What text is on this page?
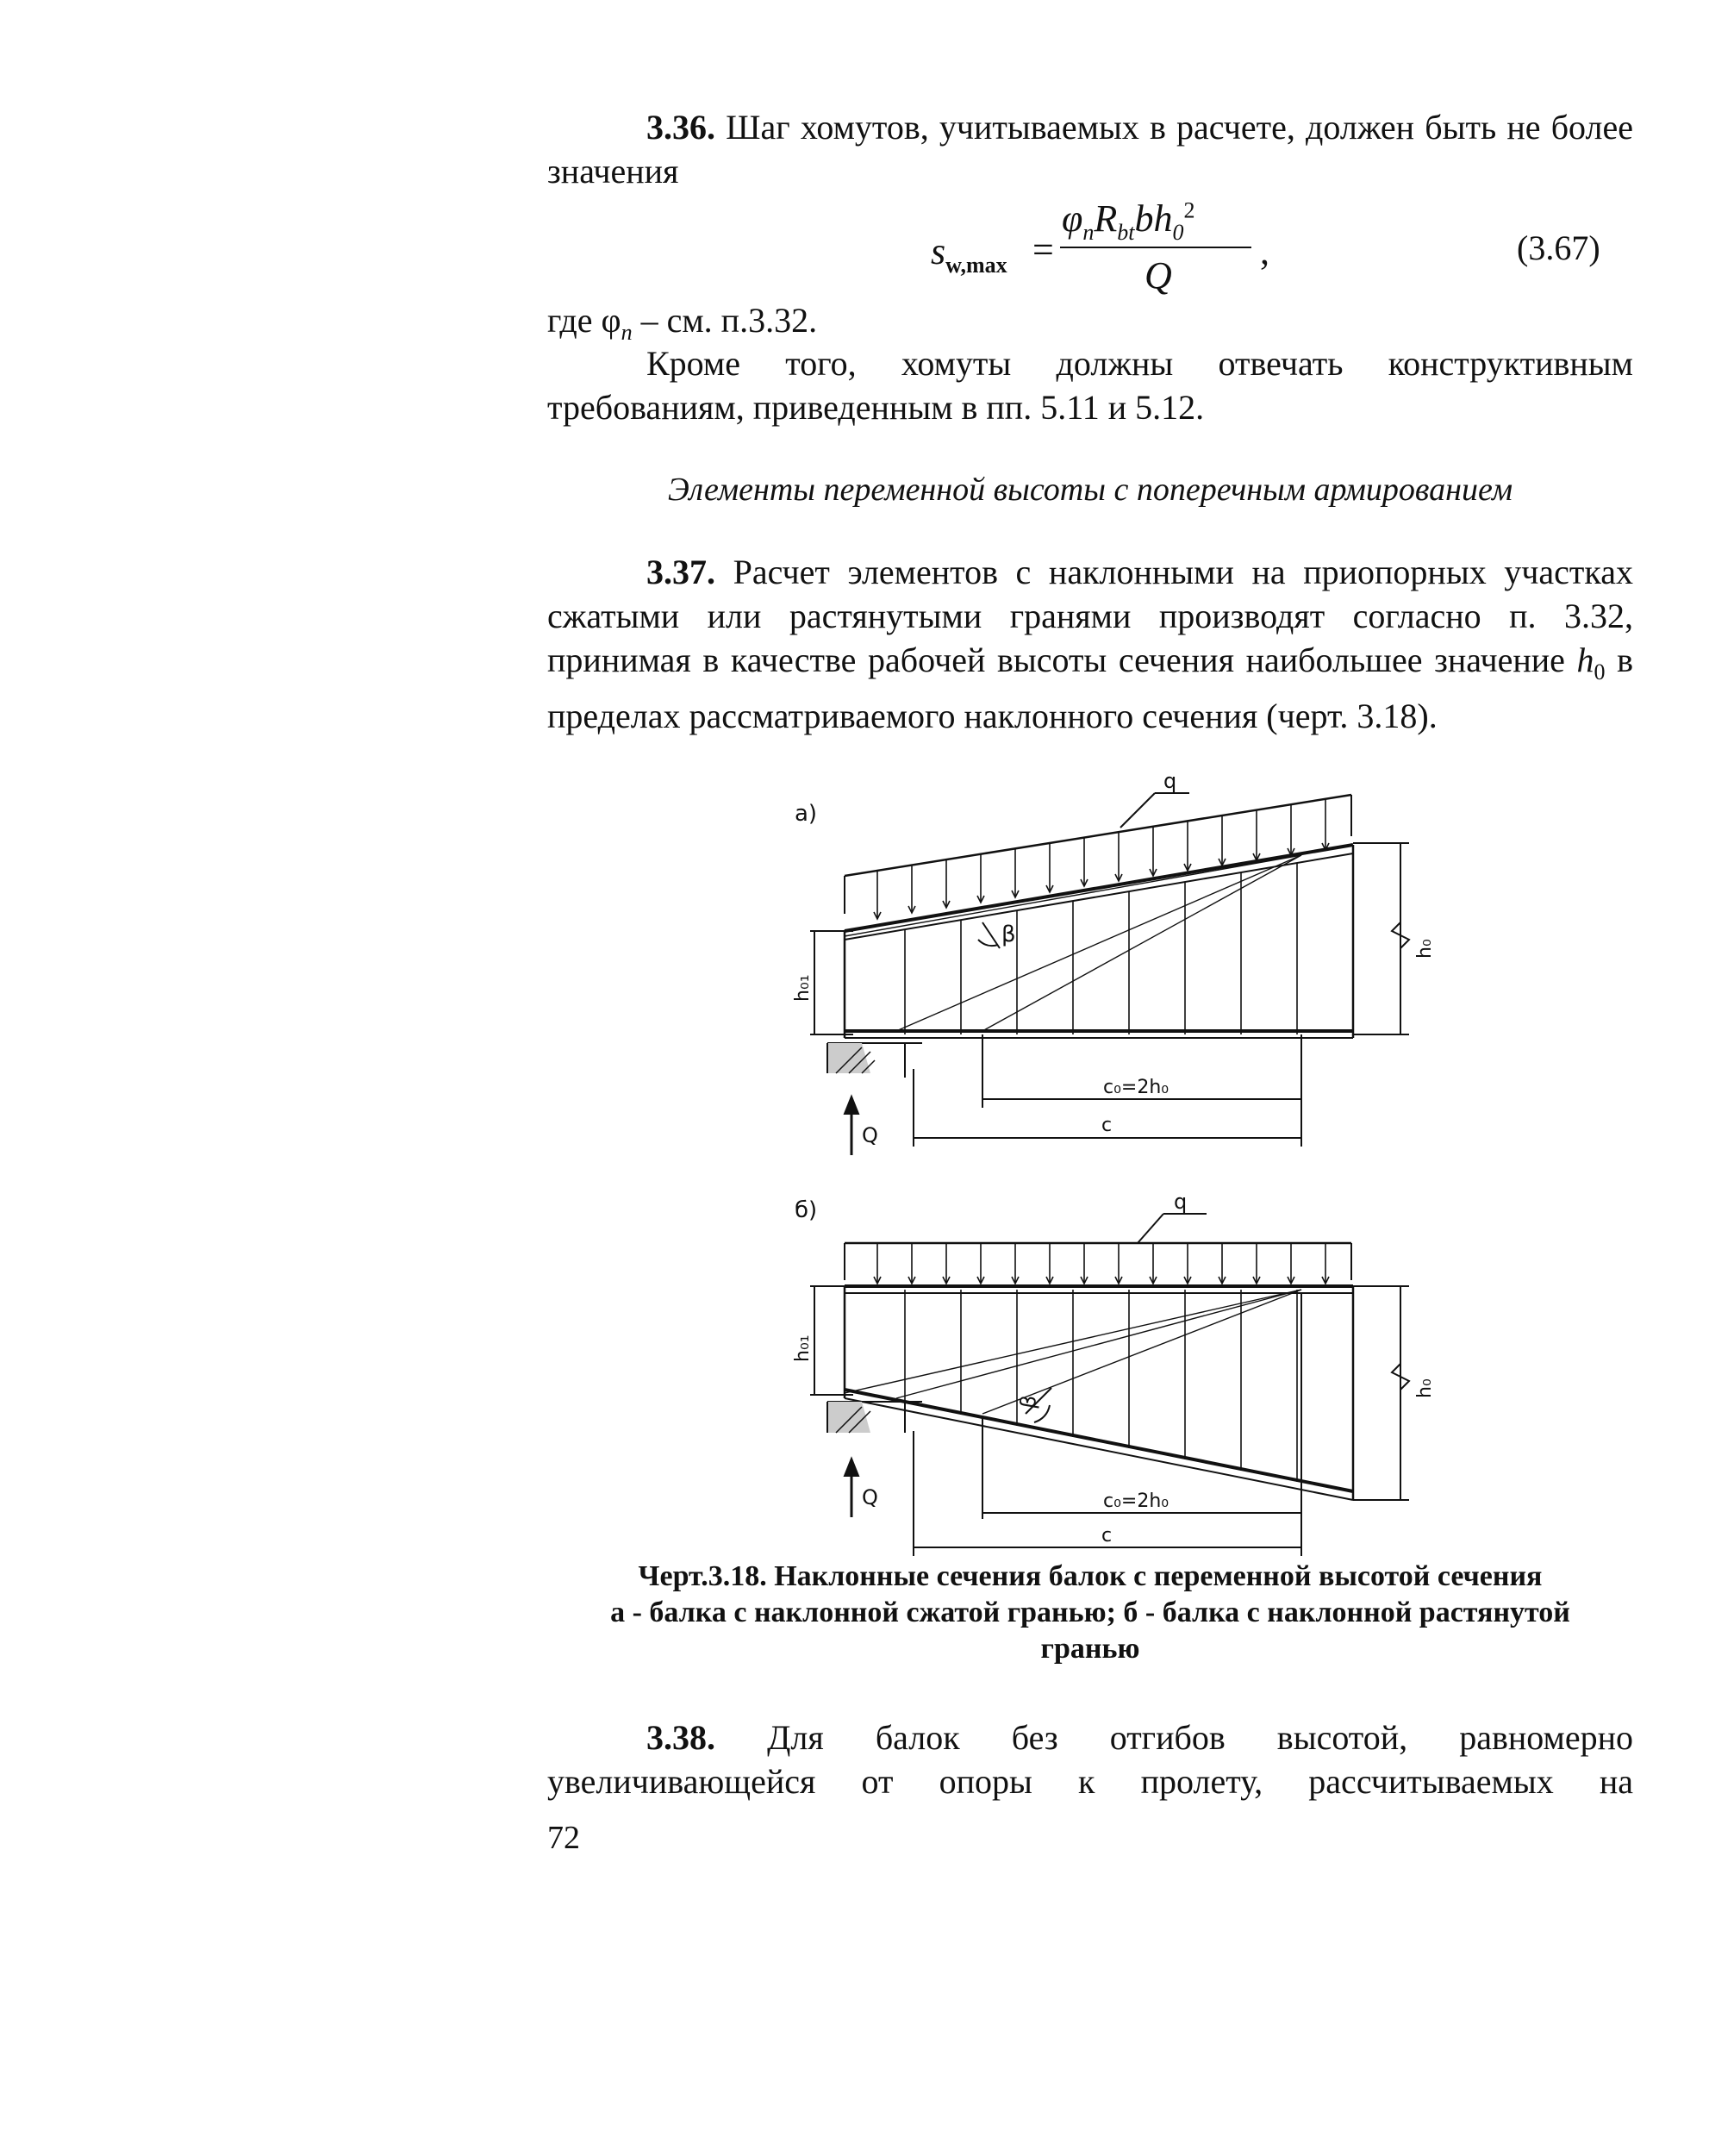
3.36. Шаг хомутов, учитываемых в расчете, должен быть не более значения
$s_{w,max}$ =
$\varphi_nR_{bt}bh_0^2$
Q
,	(3.67)
где $\varphi_n$ – см. п.3.32.
Кроме того, хомуты должны отвечать конструктивным требованиям, приведенным в пп. 5.11 и 5.12.
Элементы переменной высоты с поперечным армированием
3.37. Расчет элементов с наклонными на приопорных участках сжатыми или растянутыми гранями производят согласно п. 3.32, принимая в качестве рабочей высоты сечения наибольшее значение $h_0$ в пределах рассматриваемого наклонного сечения (черт. 3.18).
а)
q
β
Q
h₀₁
h₀
c₀=2h₀
c
б)	q
β
Q
h₀₁
h₀
c₀=2h₀
c
Черт.3.18. Наклонные сечения балок с переменной высотой сечения
а - балка с наклонной сжатой гранью; б - балка с наклонной растянутой
гранью
3.38. Для балок без отгибов высотой, равномерно
увеличивающейся от опоры к пролету, рассчитываемых на
72
